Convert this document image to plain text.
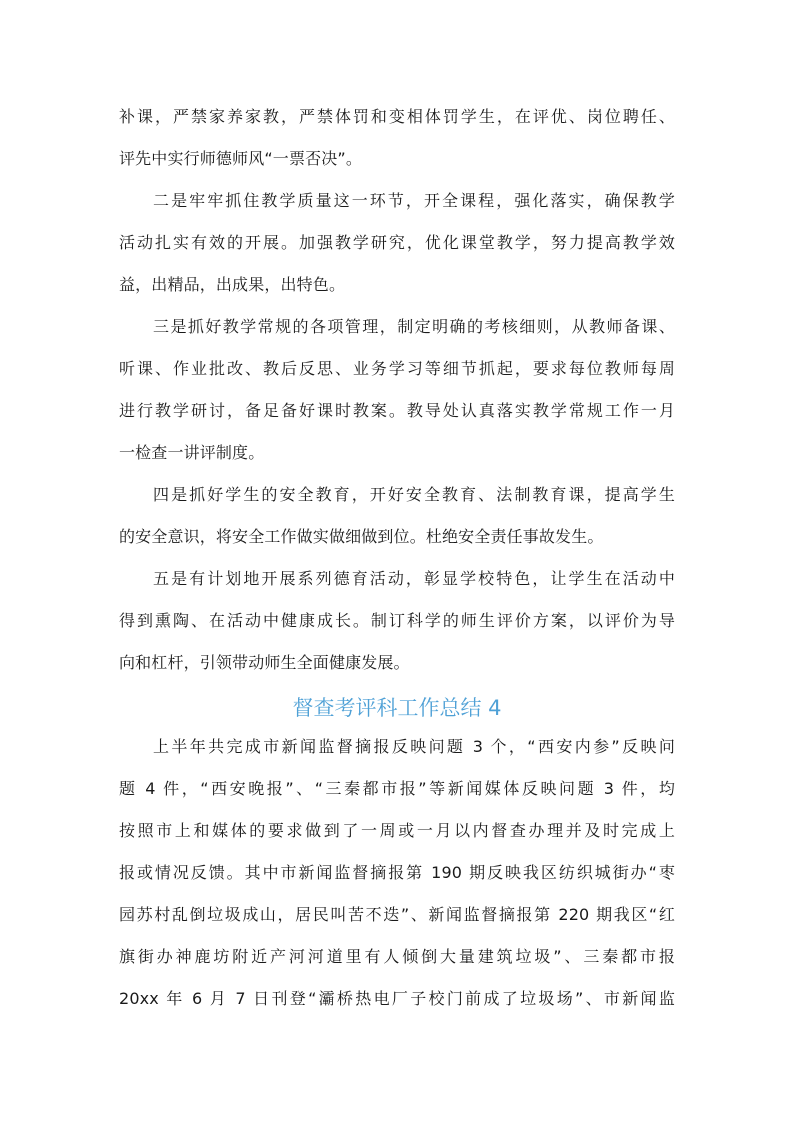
补课，严禁家养家教，严禁体罚和变相体罚学生，在评优、岗位聘任、
评先中实行师德师风“一票否决”。
二是牢牢抓住教学质量这一环节，开全课程，强化落实，确保教学
活动扎实有效的开展。加强教学研究，优化课堂教学，努力提高教学效
益，出精品，出成果，出特色。
三是抓好教学常规的各项管理，制定明确的考核细则，从教师备课、
听课、作业批改、教后反思、业务学习等细节抓起，要求每位教师每周
进行教学研讨，备足备好课时教案。教导处认真落实教学常规工作一月
一检查一讲评制度。
四是抓好学生的安全教育，开好安全教育、法制教育课，提高学生
的安全意识，将安全工作做实做细做到位。杜绝安全责任事故发生。
五是有计划地开展系列德育活动，彰显学校特色，让学生在活动中
得到熏陶、在活动中健康成长。制订科学的师生评价方案，以评价为导
向和杠杆，引领带动师生全面健康发展。
督查考评科工作总结 4
上半年共完成市新闻监督摘报反映问题 3 个，“西安内参”反映问
题 4 件，“西安晚报”、“三秦都市报”等新闻媒体反映问题 3 件，均
按照市上和媒体的要求做到了一周或一月以内督查办理并及时完成上
报或情况反馈。其中市新闻监督摘报第 190 期反映我区纺织城街办“枣
园苏村乱倒垃圾成山，居民叫苦不迭”、新闻监督摘报第 220 期我区“红
旗街办神鹿坊附近产河河道里有人倾倒大量建筑垃圾”、三秦都市报
20xx 年 6 月 7 日刊登“灞桥热电厂子校门前成了垃圾场”、市新闻监
